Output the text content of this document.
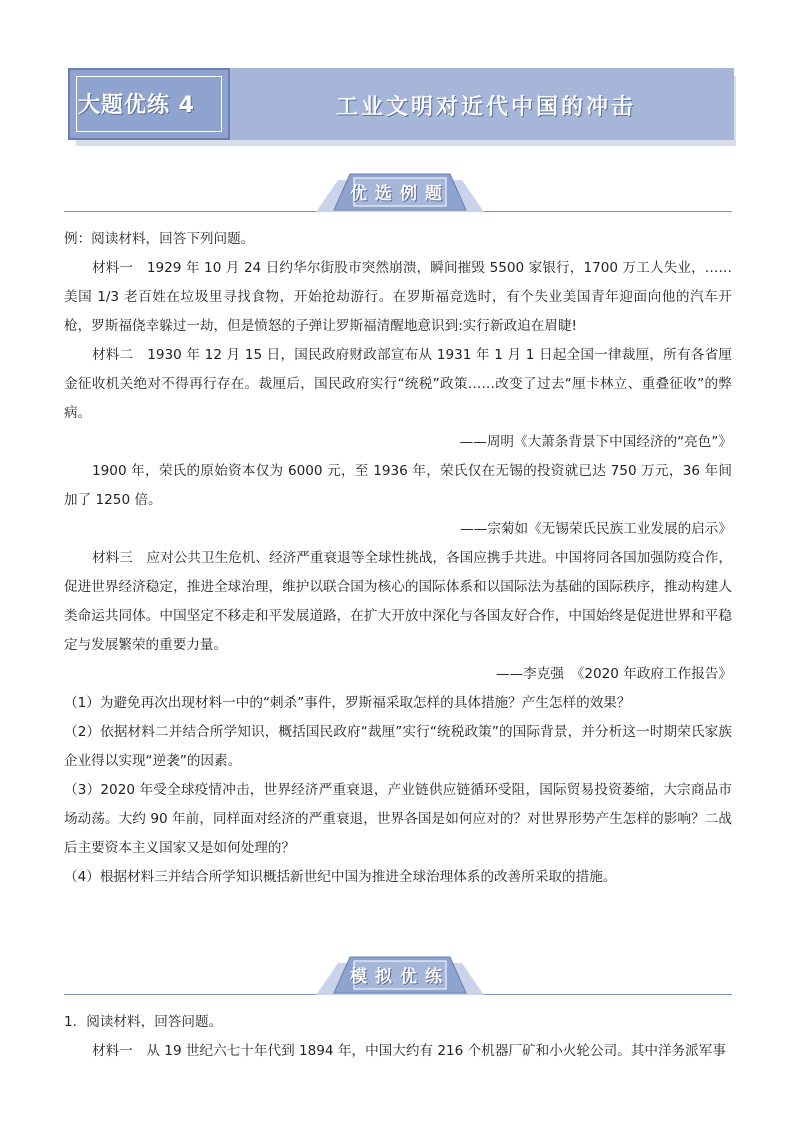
大题优练 4	工业文明对近代中国的冲击
优选例题

例：阅读材料，回答下列问题。

材料一　1929 年 10 月 24 日约华尔街股市突然崩溃，瞬间摧毁 5500 家银行，1700 万工人失业，……美国 1/3 老百姓在垃圾里寻找食物，开始抢劫游行。在罗斯福竞选时，有个失业美国青年迎面向他的汽车开枪，罗斯福侥幸躲过一劫，但是愤怒的子弹让罗斯福清醒地意识到:实行新政迫在眉睫!

材料二　1930 年 12 月 15 日，国民政府财政部宣布从 1931 年 1 月 1 日起全国一律裁厘，所有各省厘金征收机关绝对不得再行存在。裁厘后，国民政府实行“统税”政策……改变了过去“厘卡林立、重叠征收”的弊病。

——周明《大萧条背景下中国经济的“亮色”》

1900 年，荣氏的原始资本仅为 6000 元，至 1936 年，荣氏仅在无锡的投资就已达 750 万元，36 年间加了 1250 倍。

——宗菊如《无锡荣氏民族工业发展的启示》

材料三　应对公共卫生危机、经济严重衰退等全球性挑战，各国应携手共进。中国将同各国加强防疫合作，促进世界经济稳定，推进全球治理，维护以联合国为核心的国际体系和以国际法为基础的国际秩序，推动构建人类命运共同体。中国坚定不移走和平发展道路，在扩大开放中深化与各国友好合作，中国始终是促进世界和平稳定与发展繁荣的重要力量。

——李克强　《2020 年政府工作报告》

（1）为避免再次出现材料一中的“刺杀”事件，罗斯福采取怎样的具体措施？产生怎样的效果？

（2）依据材料二并结合所学知识，概括国民政府“裁厘”实行“统税政策”的国际背景，并分析这一时期荣氏家族企业得以实现“逆袭”的因素。

（3）2020 年受全球疫情冲击，世界经济严重衰退，产业链供应链循环受阻，国际贸易投资萎缩，大宗商品市场动荡。大约 90 年前，同样面对经济的严重衰退，世界各国是如何应对的？对世界形势产生怎样的影响？二战后主要资本主义国家又是如何处理的？

（4）根据材料三并结合所学知识概括新世纪中国为推进全球治理体系的改善所采取的措施。

模拟优练

1．阅读材料，回答问题。

材料一　从 19 世纪六七十年代到 1894 年，中国大约有 216 个机器厂矿和小火轮公司。其中洋务派军事
